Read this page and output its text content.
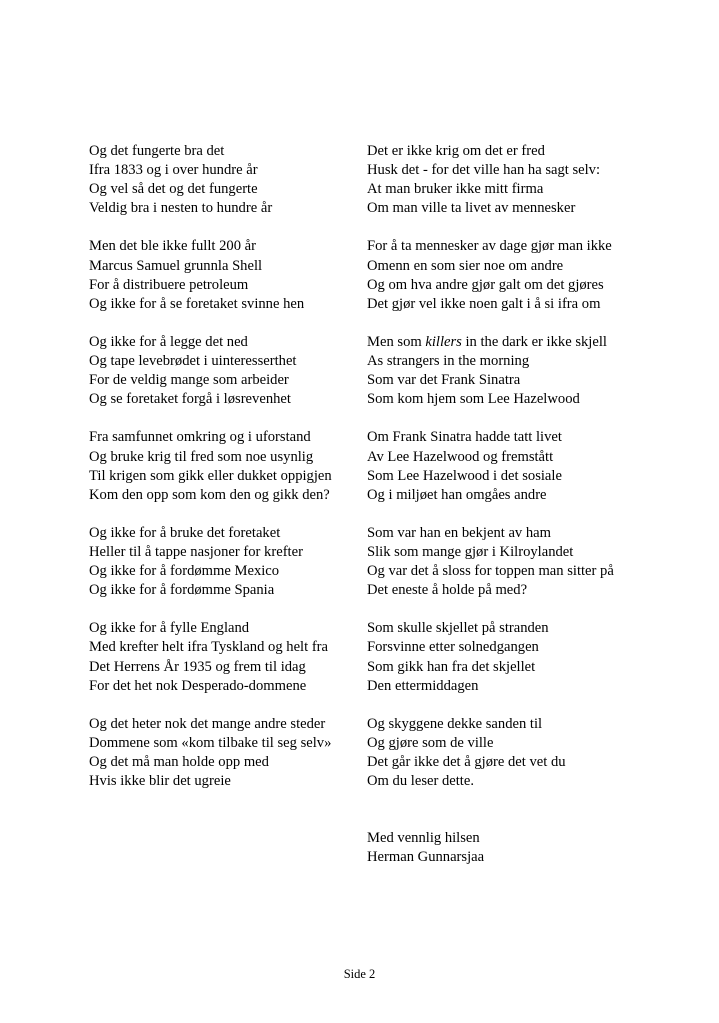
Og det fungerte bra det
Ifra 1833 og i over hundre år
Og vel så det og det fungerte
Veldig bra i nesten to hundre år
Men det ble ikke fullt 200 år
Marcus Samuel grunnla Shell
For å distribuere petroleum
Og ikke for å se foretaket svinne hen
Og ikke for å legge det ned
Og tape levebrødet i uinteresserthet
For de veldig mange som arbeider
Og se foretaket forgå i løsrevenhet
Fra samfunnet omkring og i uforstand
Og bruke krig til fred som noe usynlig
Til krigen som gikk eller dukket oppigjen
Kom den opp som kom den og gikk den?
Og ikke for å bruke det foretaket
Heller til å tappe nasjoner for krefter
Og ikke for å fordømme Mexico
Og ikke for å fordømme Spania
Og ikke for å fylle England
Med krefter helt ifra Tyskland og helt fra
Det Herrens År 1935 og frem til idag
For det het nok Desperado-dommene
Og det heter nok det mange andre steder
Dommene som «kom tilbake til seg selv»
Og det må man holde opp med
Hvis ikke blir det ugreie
Det er ikke krig om det er fred
Husk det - for det ville han ha sagt selv:
At man bruker ikke mitt firma
Om man ville ta livet av mennesker
For å ta mennesker av dage gjør man ikke
Omenn en som sier noe om andre
Og om hva andre gjør galt om det gjøres
Det gjør vel ikke noen galt i å si ifra om
Men som killers in the dark er ikke skjell
As strangers in the morning
Som var det Frank Sinatra
Som kom hjem som Lee Hazelwood
Om Frank Sinatra hadde tatt livet
Av Lee Hazelwood og fremstått
Som Lee Hazelwood i det sosiale
Og i miljøet han omgåes andre
Som var han en bekjent av ham
Slik som mange gjør i Kilroylandet
Og var det å sloss for toppen man sitter på
Det eneste å holde på med?
Som skulle skjellet på stranden
Forsvinne etter solnedgangen
Som gikk han fra det skjellet
Den ettermiddagen
Og skyggene dekke sanden til
Og gjøre som de ville
Det går ikke det å gjøre det vet du
Om du leser dette.
Med vennlig hilsen
Herman Gunnarsjaa
Side 2
